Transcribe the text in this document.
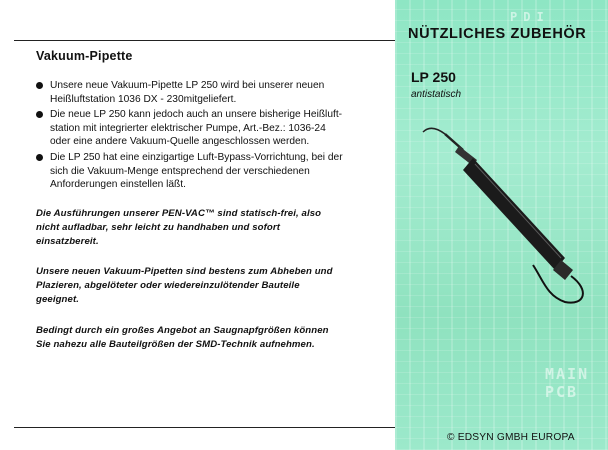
Vakuum-Pipette
Unsere neue Vakuum-Pipette LP 250 wird bei unserer neuen
Heißluftstation 1036 DX - 230mitgeliefert.
Die neue LP 250 kann jedoch auch an unsere bisherige Heißluft-
station mit integrierter elektrischer Pumpe, Art.-Bez.: 1036-24
oder eine andere Vakuum-Quelle angeschlossen werden.
Die LP 250 hat eine einzigartige Luft-Bypass-Vorrichtung, bei der
sich die Vakuum-Menge entsprechend der verschiedenen
Anforderungen einstellen läßt.

Die Ausführungen unserer PEN-VAC™ sind statisch-frei, also
nicht aufladbar, sehr leicht zu handhaben und sofort
einsatzbereit.

Unsere neuen Vakuum-Pipetten sind bestens zum Abheben und
Plazieren, abgelöteter oder wiedereinzulötender Bauteile
geeignet.

Bedingt durch ein großes Angebot an Saugnapfgrößen können
Sie nahezu alle Bauteilgrößen der SMD-Technik aufnehmen.

PDI
NÜTZLICHES ZUBEHÖR

LP 250

antistatisch

MAIN PCB

© EDSYN GMBH EUROPA
